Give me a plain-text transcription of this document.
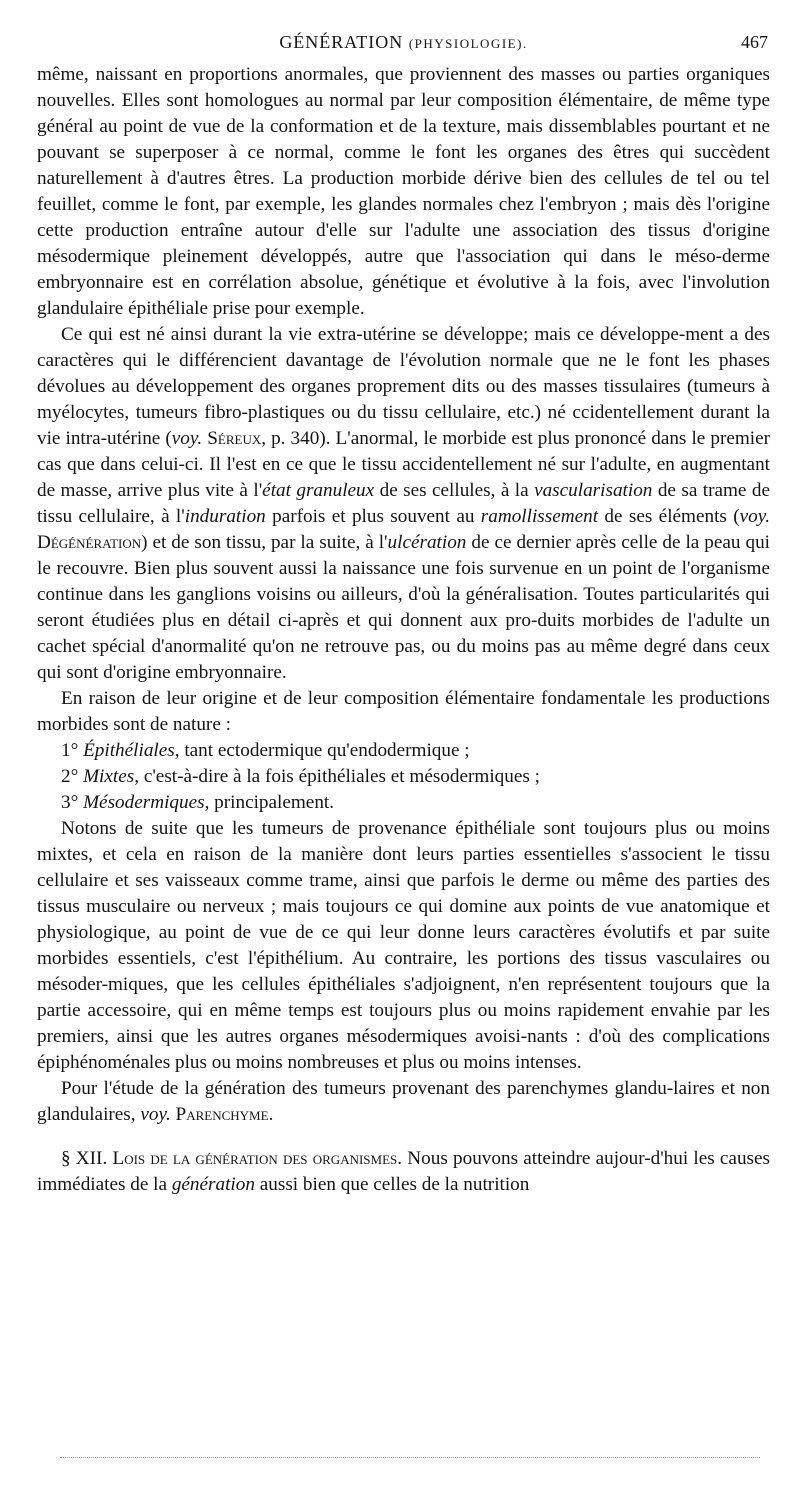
GÉNÉRATION (PHYSIOLOGIE).	467

même, naissant en proportions anormales, que proviennent des masses ou parties organiques nouvelles. Elles sont homologues au normal par leur composition élémentaire, de même type général au point de vue de la conformation et de la texture, mais dissemblables pourtant et ne pouvant se superposer à ce normal, comme le font les organes des êtres qui succèdent naturellement à d'autres êtres. La production morbide dérive bien des cellules de tel ou tel feuillet, comme le font, par exemple, les glandes normales chez l'embryon ; mais dès l'origine cette production entraîne autour d'elle sur l'adulte une association des tissus d'origine mésodermique pleinement développés, autre que l'association qui dans le méso-derme embryonnaire est en corrélation absolue, génétique et évolutive à la fois, avec l'involution glandulaire épithéliale prise pour exemple.

Ce qui est né ainsi durant la vie extra-utérine se développe; mais ce développe-ment a des caractères qui le différencient davantage de l'évolution normale que ne le font les phases dévolues au développement des organes proprement dits ou des masses tissulaires (tumeurs à myélocytes, tumeurs fibro-plastiques ou du tissu cellulaire, etc.) né ccidentellement durant la vie intra-utérine (voy. Séreux, p. 340). L'anormal, le morbide est plus prononcé dans le premier cas que dans celui-ci. Il l'est en ce que le tissu accidentellement né sur l'adulte, en augmentant de masse, arrive plus vite à l'état granuleux de ses cellules, à la vascularisation de sa trame de tissu cellulaire, à l'induration parfois et plus souvent au ramollissement de ses éléments (voy. Dégénération) et de son tissu, par la suite, à l'ulcération de ce dernier après celle de la peau qui le recouvre. Bien plus souvent aussi la naissance une fois survenue en un point de l'organisme continue dans les ganglions voisins ou ailleurs, d'où la généralisation. Toutes particularités qui seront étudiées plus en détail ci-après et qui donnent aux pro-duits morbides de l'adulte un cachet spécial d'anormalité qu'on ne retrouve pas, ou du moins pas au même degré dans ceux qui sont d'origine embryonnaire.

En raison de leur origine et de leur composition élémentaire fondamentale les productions morbides sont de nature :

1° Épithéliales, tant ectodermique qu'endodermique ;

2° Mixtes, c'est-à-dire à la fois épithéliales et mésodermiques ;

3° Mésodermiques, principalement.

Notons de suite que les tumeurs de provenance épithéliale sont toujours plus ou moins mixtes, et cela en raison de la manière dont leurs parties essentielles s'associent le tissu cellulaire et ses vaisseaux comme trame, ainsi que parfois le derme ou même des parties des tissus musculaire ou nerveux ; mais toujours ce qui domine aux points de vue anatomique et physiologique, au point de vue de ce qui leur donne leurs caractères évolutifs et par suite morbides essentiels, c'est l'épithélium. Au contraire, les portions des tissus vasculaires ou mésoder-miques, que les cellules épithéliales s'adjoignent, n'en représentent toujours que la partie accessoire, qui en même temps est toujours plus ou moins rapidement envahie par les premiers, ainsi que les autres organes mésodermiques avoisi-nants : d'où des complications épiphénoménales plus ou moins nombreuses et plus ou moins intenses.

Pour l'étude de la génération des tumeurs provenant des parenchymes glandu-laires et non glandulaires, voy. Parenchyme.

§ XII. Lois de la génération des organismes. Nous pouvons atteindre aujour-d'hui les causes immédiates de la génération aussi bien que celles de la nutrition
